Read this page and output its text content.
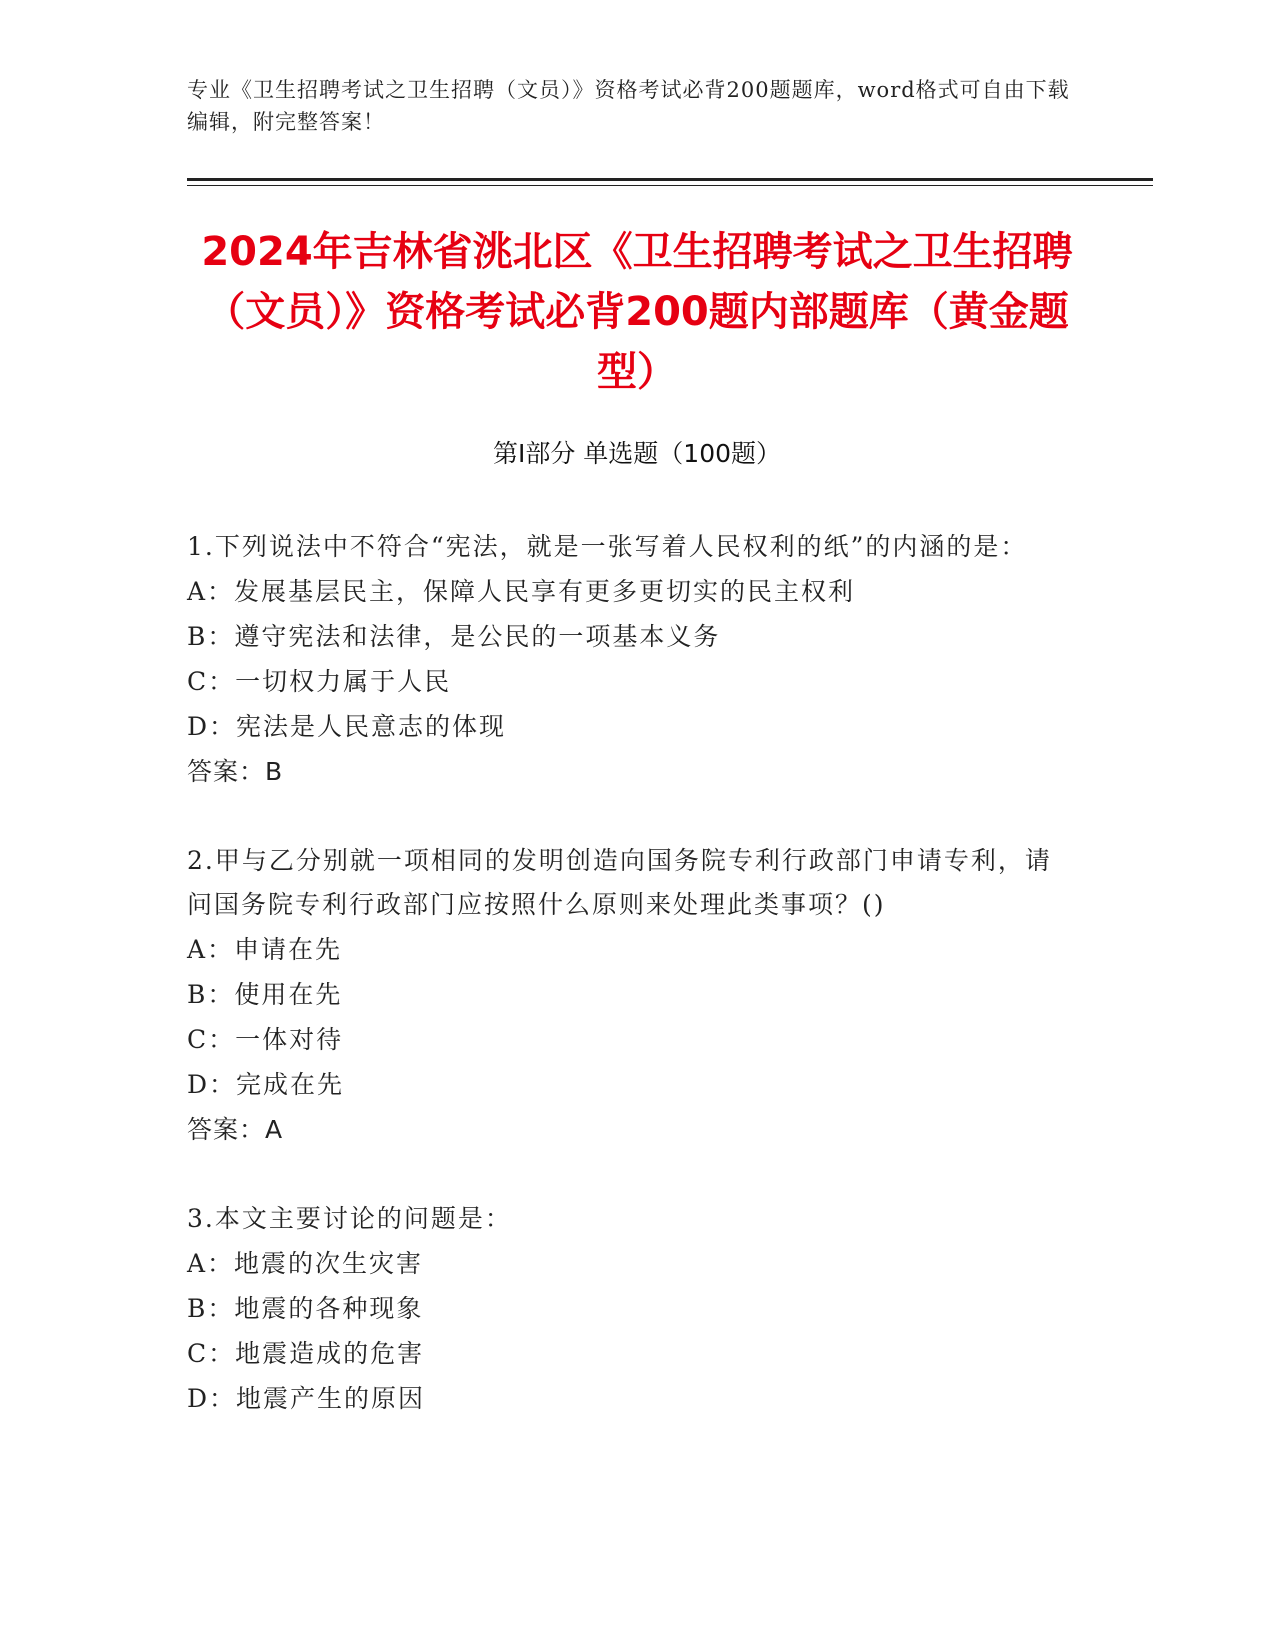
专业《卫生招聘考试之卫生招聘（文员）》资格考试必背200题题库，word格式可自由下载编辑，附完整答案！
2024年吉林省洮北区《卫生招聘考试之卫生招聘（文员）》资格考试必背200题内部题库（黄金题型）
第Ⅰ部分 单选题（100题）
1.下列说法中不符合“宪法，就是一张写着人民权利的纸”的内涵的是：
A：发展基层民主，保障人民享有更多更切实的民主权利
B：遵守宪法和法律，是公民的一项基本义务
C：一切权力属于人民
D：宪法是人民意志的体现
答案：B
2.甲与乙分别就一项相同的发明创造向国务院专利行政部门申请专利，请问国务院专利行政部门应按照什么原则来处理此类事项？()
A：申请在先
B：使用在先
C：一体对待
D：完成在先
答案：A
3.本文主要讨论的问题是：
A：地震的次生灾害
B：地震的各种现象
C：地震造成的危害
D：地震产生的原因
